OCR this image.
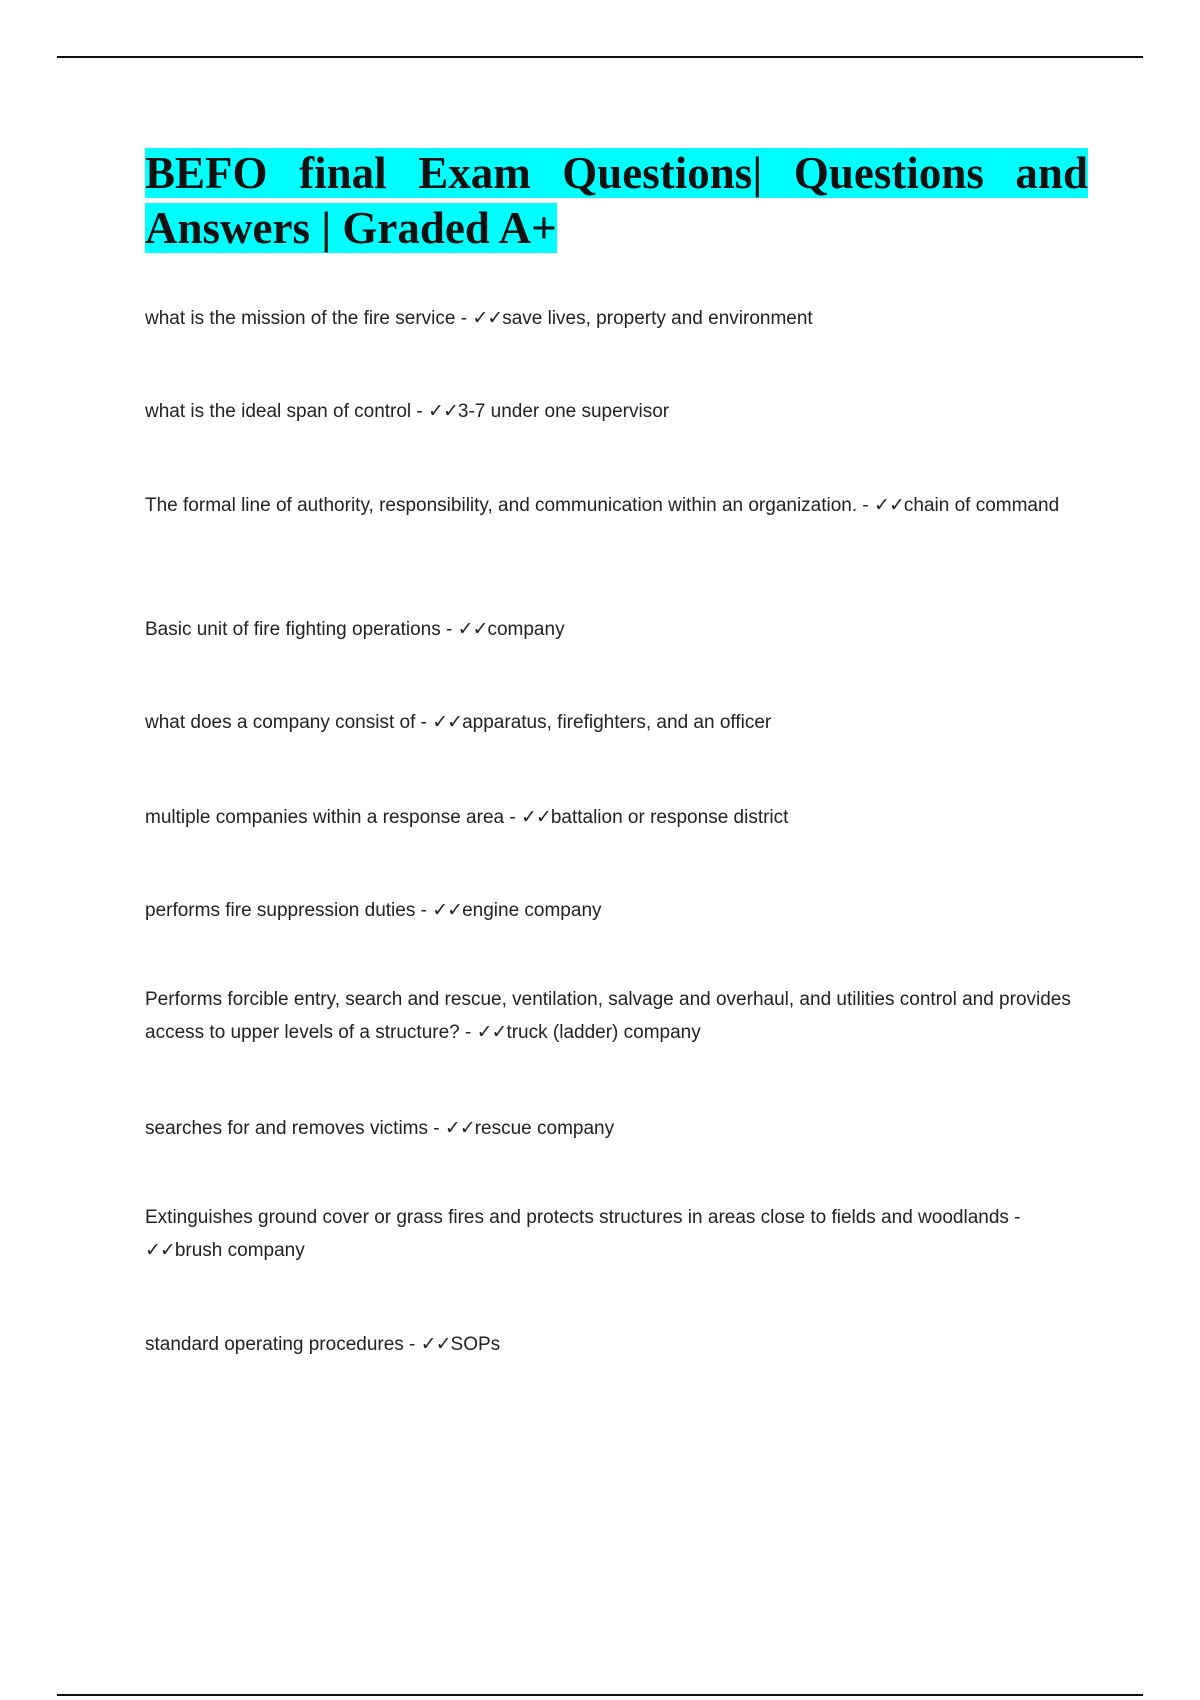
BEFO final Exam Questions| Questions and Answers | Graded A+

what is the mission of the fire service - ✓✓save lives, property and environment

what is the ideal span of control - ✓✓3-7 under one supervisor

The formal line of authority, responsibility, and communication within an organization. - ✓✓chain of command

Basic unit of fire fighting operations - ✓✓company

what does a company consist of - ✓✓apparatus, firefighters, and an officer

multiple companies within a response area - ✓✓battalion or response district

performs fire suppression duties - ✓✓engine company

Performs forcible entry, search and rescue, ventilation, salvage and overhaul, and utilities control and provides access to upper levels of a structure? - ✓✓truck (ladder) company

searches for and removes victims - ✓✓rescue company

Extinguishes ground cover or grass fires and protects structures in areas close to fields and woodlands - ✓✓brush company

standard operating procedures - ✓✓SOPs
